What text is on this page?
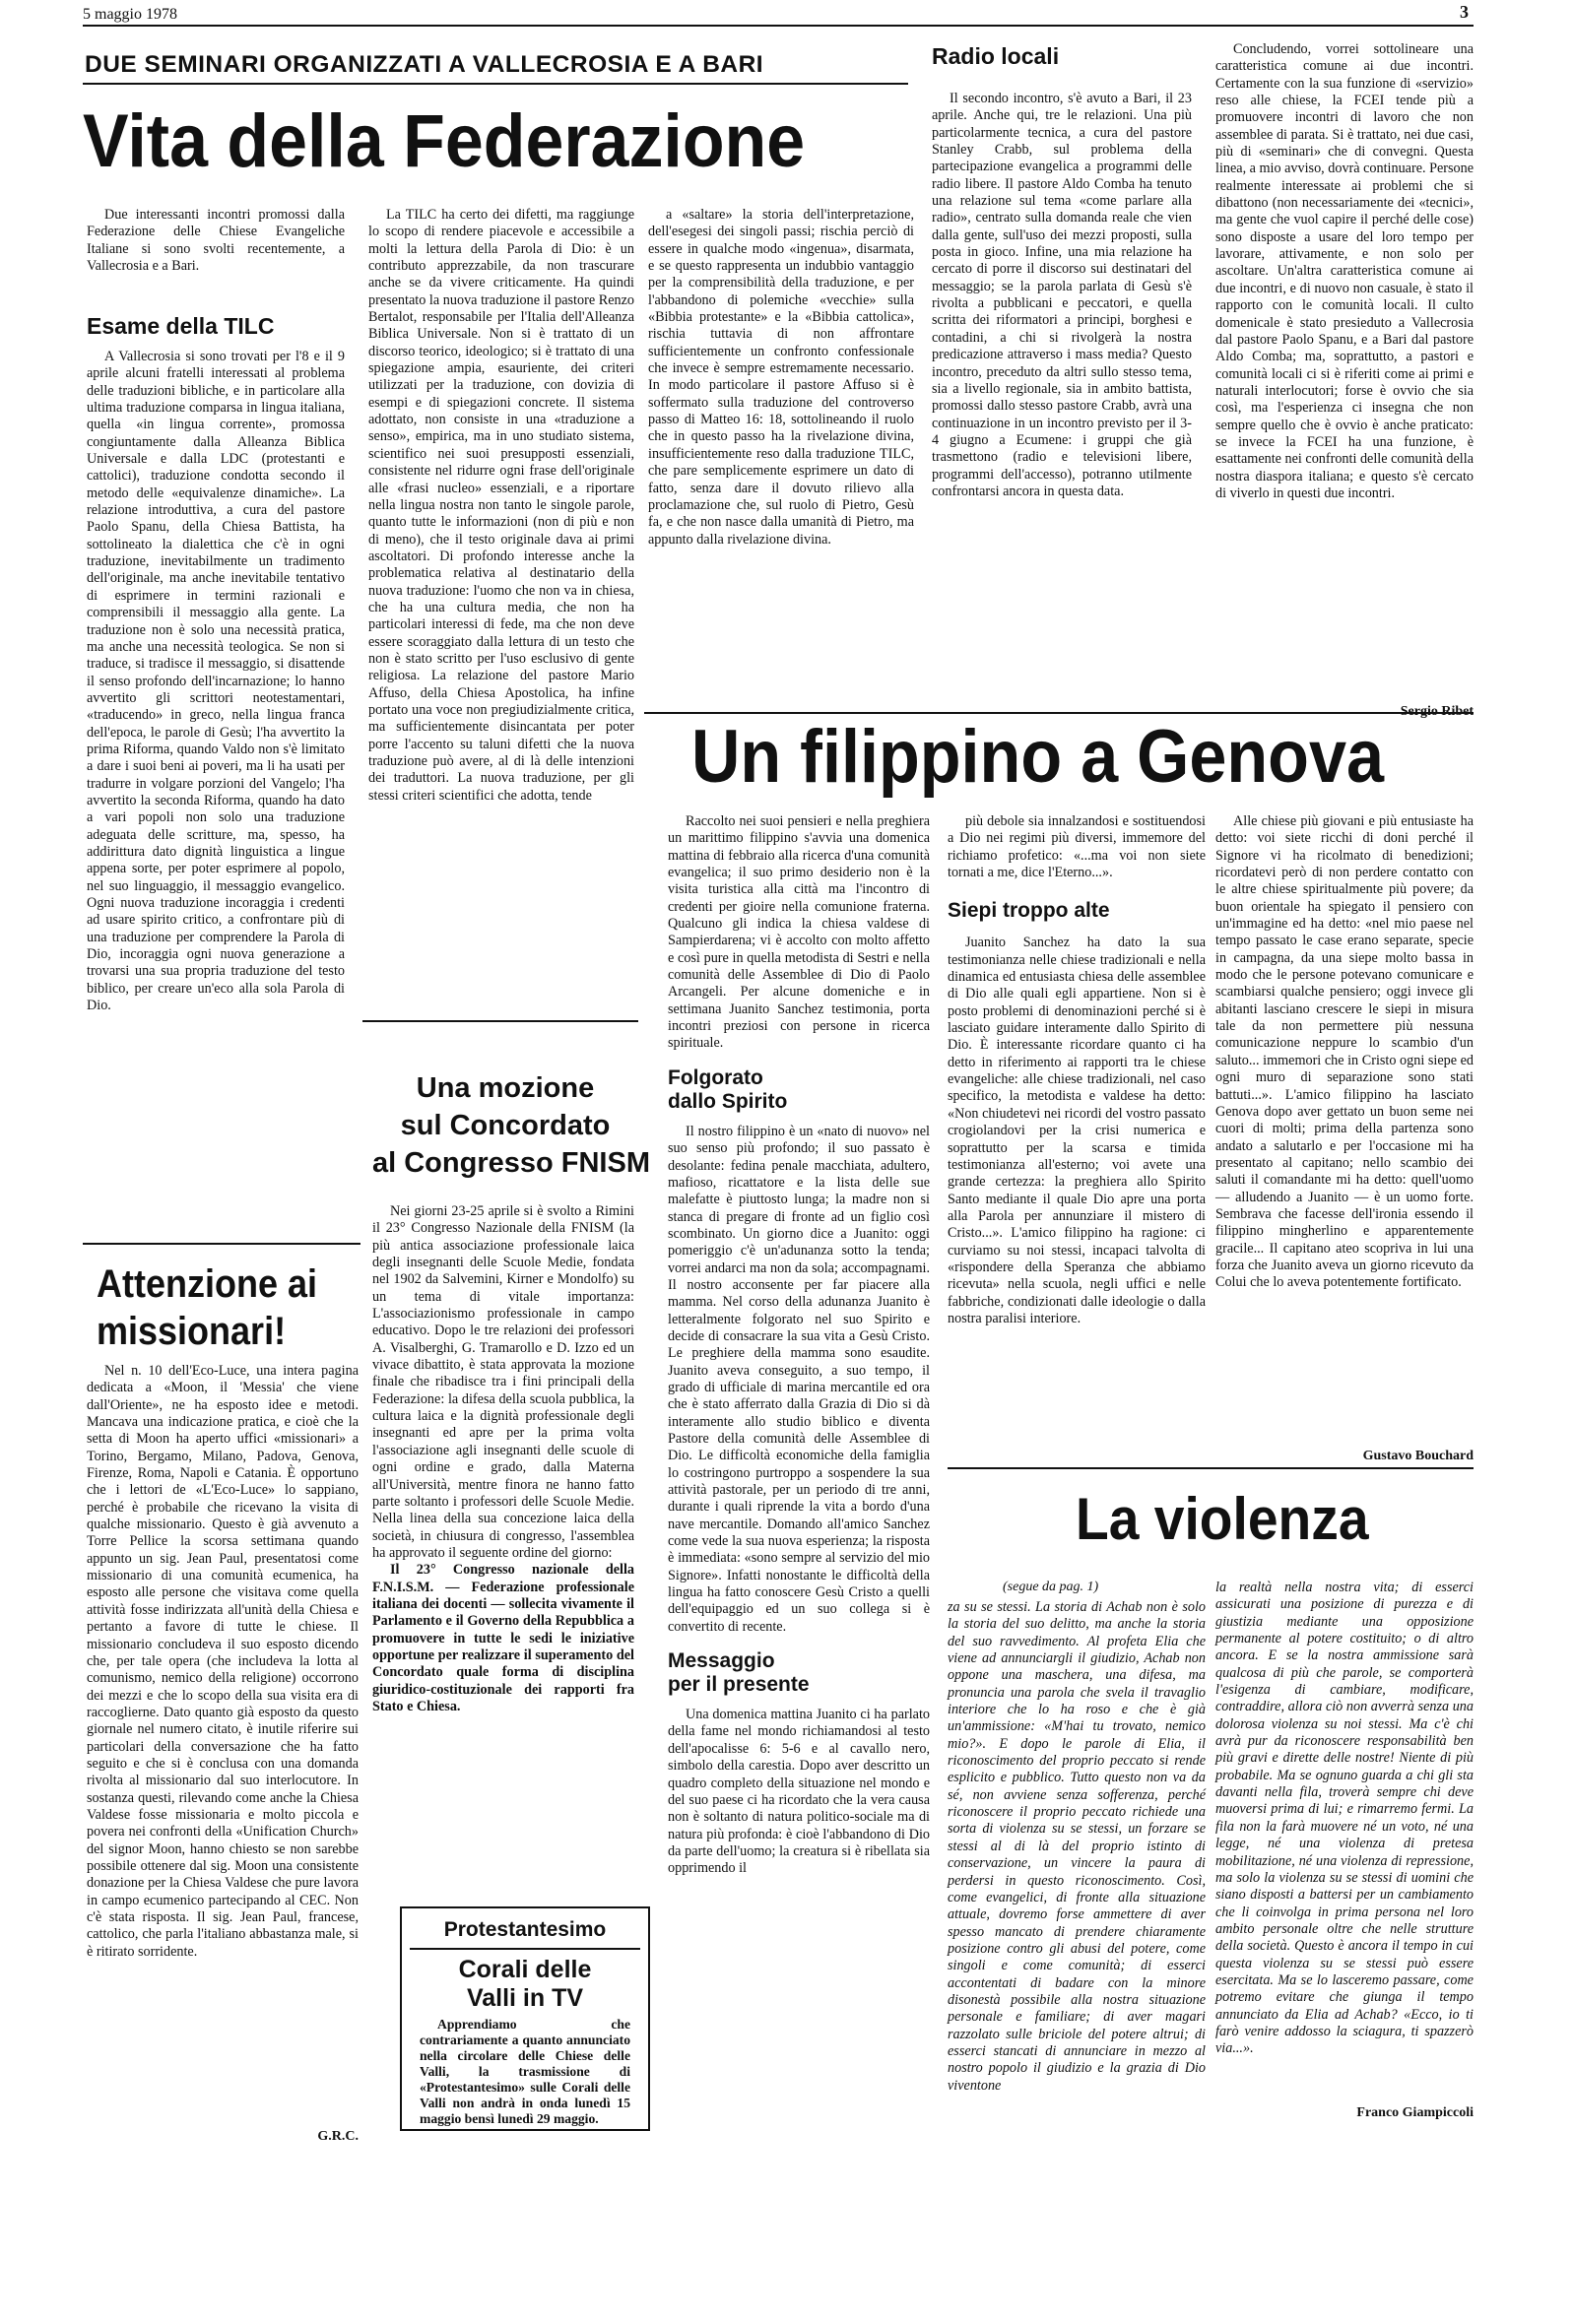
5 maggio 1978	3
DUE SEMINARI ORGANIZZATI A VALLECROSIA E A BARI
Vita della Federazione

Due interessanti incontri promossi dalla Federazione delle Chiese Evangeliche Italiane si sono svolti recentemente, a Vallecrosia e a Bari.

Esame della TILC

A Vallecrosia si sono trovati per l'8 e il 9 aprile alcuni fratelli interessati al problema delle traduzioni bibliche, e in particolare alla ultima traduzione comparsa in lingua italiana, quella «in lingua corrente», promossa congiuntamente dalla Alleanza Biblica Universale e dalla LDC (protestanti e cattolici), traduzione condotta secondo il metodo delle «equivalenze dinamiche». La relazione introduttiva, a cura del pastore Paolo Spanu, della Chiesa Battista, ha sottolineato la dialettica che c'è in ogni traduzione, inevitabilmente un tradimento dell'originale, ma anche inevitabile tentativo di esprimere in termini razionali e comprensibili il messaggio alla gente. La traduzione non è solo una necessità pratica, ma anche una necessità teologica. Se non si traduce, si tradisce il messaggio, si disattende il senso profondo dell'incarnazione; lo hanno avvertito gli scrittori neotestamentari, «traducendo» in greco, nella lingua franca dell'epoca, le parole di Gesù; l'ha avvertito la prima Riforma, quando Valdo non s'è limitato a dare i suoi beni ai poveri, ma li ha usati per tradurre in volgare porzioni del Vangelo; l'ha avvertito la seconda Riforma, quando ha dato a vari popoli non solo una traduzione adeguata delle scritture, ma, spesso, ha addirittura dato dignità linguistica a lingue appena sorte, per poter esprimere al popolo, nel suo linguaggio, il messaggio evangelico. Ogni nuova traduzione incoraggia i credenti ad usare spirito critico, a confrontare più di una traduzione per comprendere la Parola di Dio, incoraggia ogni nuova generazione a trovarsi una sua propria traduzione del testo biblico, per creare un'eco alla sola Parola di Dio.

La TILC ha certo dei difetti, ma raggiunge lo scopo di rendere piacevole e accessibile a molti la lettura della Parola di Dio: è un contributo apprezzabile, da non trascurare anche se da vivere criticamente. Ha quindi presentato la nuova traduzione il pastore Renzo Bertalot, responsabile per l'Italia dell'Alleanza Biblica Universale. Non si è trattato di un discorso teorico, ideologico; si è trattato di una spiegazione ampia, esauriente, dei criteri utilizzati per la traduzione, con dovizia di esempi e di spiegazioni concrete. Il sistema adottato, non consiste in una «traduzione a senso», empirica, ma in uno studiato sistema, scientifico nei suoi presupposti essenziali, consistente nel ridurre ogni frase dell'originale alle «frasi nucleo» essenziali, e a riportare nella lingua nostra non tanto le singole parole, quanto tutte le informazioni (non di più e non di meno), che il testo originale dava ai primi ascoltatori. Di profondo interesse anche la problematica relativa al destinatario della nuova traduzione: l'uomo che non va in chiesa, che ha una cultura media, che non ha particolari interessi di fede, ma che non deve essere scoraggiato dalla lettura di un testo che non è stato scritto per l'uso esclusivo di gente religiosa. La relazione del pastore Mario Affuso, della Chiesa Apostolica, ha infine portato una voce non pregiudizialmente critica, ma sufficientemente disincantata per poter porre l'accento su taluni difetti che la nuova traduzione può avere, al di là delle intenzioni dei traduttori. La nuova traduzione, per gli stessi criteri scientifici che adotta, tende

a «saltare» la storia dell'interpretazione, dell'esegesi dei singoli passi; rischia perciò di essere in qualche modo «ingenua», disarmata, e se questo rappresenta un indubbio vantaggio per la comprensibilità della traduzione, e per l'abbandono di polemiche «vecchie» sulla «Bibbia protestante» e la «Bibbia cattolica», rischia tuttavia di non affrontare sufficientemente un confronto confessionale che invece è sempre estremamente necessario. In modo particolare il pastore Affuso si è soffermato sulla traduzione del controverso passo di Matteo 16: 18, sottolineando il ruolo che in questo passo ha la rivelazione divina, insufficientemente reso dalla traduzione TILC, che pare semplicemente esprimere un dato di fatto, senza dare il dovuto rilievo alla proclamazione che, sul ruolo di Pietro, Gesù fa, e che non nasce dalla umanità di Pietro, ma appunto dalla rivelazione divina.

Radio locali

Il secondo incontro, s'è avuto a Bari, il 23 aprile. Anche qui, tre le relazioni. Una più particolarmente tecnica, a cura del pastore Stanley Crabb, sul problema della partecipazione evangelica a programmi delle radio libere. Il pastore Aldo Comba ha tenuto una relazione sul tema «come parlare alla radio», centrato sulla domanda reale che vien dalla gente, sull'uso dei mezzi proposti, sulla posta in gioco. Infine, una mia relazione ha cercato di porre il discorso sui destinatari del messaggio; se la parola parlata di Gesù s'è rivolta a pubblicani e peccatori, e quella scritta dei riformatori a principi, borghesi e contadini, a chi si rivolgerà la nostra predicazione attraverso i mass media? Questo incontro, preceduto da altri sullo stesso tema, sia a livello regionale, sia in ambito battista, promossi dallo stesso pastore Crabb, avrà una continuazione in un incontro previsto per il 3-4 giugno a Ecumene: i gruppi che già trasmettono (radio e televisioni libere, programmi dell'accesso), potranno utilmente confrontarsi ancora in questa data.

Concludendo, vorrei sottolineare una caratteristica comune ai due incontri. Certamente con la sua funzione di «servizio» reso alle chiese, la FCEI tende più a promuovere incontri di lavoro che non assemblee di parata. Si è trattato, nei due casi, più di «seminari» che di convegni. Questa linea, a mio avviso, dovrà continuare. Persone realmente interessate ai problemi che si dibattono (non necessariamente dei «tecnici», ma gente che vuol capire il perché delle cose) sono disposte a usare del loro tempo per lavorare, attivamente, e non solo per ascoltare. Un'altra caratteristica comune ai due incontri, e di nuovo non casuale, è stato il rapporto con le comunità locali. Il culto domenicale è stato presieduto a Vallecrosia dal pastore Paolo Spanu, e a Bari dal pastore Aldo Comba; ma, soprattutto, a pastori e comunità locali ci si è riferiti come ai primi e naturali interlocutori; forse è ovvio che sia così, ma l'esperienza ci insegna che non sempre quello che è ovvio è anche praticato: se invece la FCEI ha una funzione, è esattamente nei confronti delle comunità della nostra diaspora italiana; e questo s'è cercato di viverlo in questi due incontri.

Attenzione ai missionari!

Nel n. 10 dell'Eco-Luce, una intera pagina dedicata a «Moon, il 'Messia' che viene dall'Oriente», ne ha esposto idee e metodi. Mancava una indicazione pratica, e cioè che la setta di Moon ha aperto uffici «missionari» a Torino, Bergamo, Milano, Padova, Genova, Firenze, Roma, Napoli e Catania. È opportuno che i lettori de «L'Eco-Luce» lo sappiano, perché è probabile che ricevano la visita di qualche missionario. Questo è già avvenuto a Torre Pellice la scorsa settimana quando appunto un sig. Jean Paul, presentatosi come missionario di una comunità ecumenica, ha esposto alle persone che visitava come quella attività fosse indirizzata all'unità della Chiesa e pertanto a favore di tutte le chiese. Il missionario concludeva il suo esposto dicendo che, per tale opera (che includeva la lotta al comunismo, nemico della religione) occorrono dei mezzi e che lo scopo della sua visita era di raccoglierne. Dato quanto già esposto da questo giornale nel numero citato, è inutile riferire sui particolari della conversazione che ha fatto seguito e che si è conclusa con una domanda rivolta al missionario dal suo interlocutore. In sostanza questi, rilevando come anche la Chiesa Valdese fosse missionaria e molto piccola e povera nei confronti della «Unification Church» del signor Moon, hanno chiesto se non sarebbe possibile ottenere dal sig. Moon una consistente donazione per la Chiesa Valdese che pure lavora in campo ecumenico partecipando al CEC. Non c'è stata risposta. Il sig. Jean Paul, francese, cattolico, che parla l'italiano abbastanza male, si è ritirato sorridente.

G.R.C.
Una mozione
sul Concordato
al Congresso FNISM

Nei giorni 23-25 aprile si è svolto a Rimini il 23° Congresso Nazionale della FNISM (la più antica associazione professionale laica degli insegnanti delle Scuole Medie, fondata nel 1902 da Salvemini, Kirner e Mondolfo) su un tema di vitale importanza: L'associazionismo professionale in campo educativo. Dopo le tre relazioni dei professori A. Visalberghi, G. Tramarollo e D. Izzo ed un vivace dibattito, è stata approvata la mozione finale che ribadisce tra i fini principali della Federazione: la difesa della scuola pubblica, la cultura laica e la dignità professionale degli insegnanti ed apre per la prima volta l'associazione agli insegnanti delle scuole di ogni ordine e grado, dalla Materna all'Università, mentre finora ne hanno fatto parte soltanto i professori delle Scuole Medie. Nella linea della sua concezione laica della società, in chiusura di congresso, l'assemblea ha approvato il seguente ordine del giorno:

Il 23° Congresso nazionale della F.N.I.S.M. — Federazione professionale italiana dei docenti — sollecita vivamente il Parlamento e il Governo della Repubblica a promuovere in tutte le sedi le iniziative opportune per realizzare il superamento del Concordato quale forma di disciplina giuridico-costituzionale dei rapporti fra Stato e Chiesa.

Protestantesimo
Corali delle
Valli in TV

Apprendiamo che contrariamente a quanto annunciato nella circolare delle Chiese delle Valli, la trasmissione di «Protestantesimo» sulle Corali delle Valli non andrà in onda lunedì 15 maggio bensì lunedì 29 maggio.

Un filippino a Genova

Raccolto nei suoi pensieri e nella preghiera un marittimo filippino s'avvia una domenica mattina di febbraio alla ricerca d'una comunità evangelica; il suo primo desiderio non è la visita turistica alla città ma l'incontro di credenti per gioire nella comunione fraterna. Qualcuno gli indica la chiesa valdese di Sampierdarena; vi è accolto con molto affetto e così pure in quella metodista di Sestri e nella comunità delle Assemblee di Dio di Paolo Arcangeli. Per alcune domeniche e in settimana Juanito Sanchez testimonia, porta incontri preziosi con persone in ricerca spirituale.

Folgorato
dallo Spirito

Il nostro filippino è un «nato di nuovo» nel suo senso più profondo; il suo passato è desolante: fedina penale macchiata, adultero, mafioso, ricattatore e la lista delle sue malefatte è piuttosto lunga; la madre non si stanca di pregare di fronte ad un figlio così scombinato. Un giorno dice a Juanito: oggi pomeriggio c'è un'adunanza sotto la tenda; vorrei andarci ma non da sola; accompagnami. Il nostro acconsente per far piacere alla mamma. Nel corso della adunanza Juanito è letteralmente folgorato nel suo Spirito e decide di consacrare la sua vita a Gesù Cristo. Le preghiere della mamma sono esaudite. Juanito aveva conseguito, a suo tempo, il grado di ufficiale di marina mercantile ed ora che è stato afferrato dalla Grazia di Dio si dà interamente allo studio biblico e diventa Pastore della comunità delle Assemblee di Dio. Le difficoltà economiche della famiglia lo costringono purtroppo a sospendere la sua attività pastorale, per un periodo di tre anni, durante i quali riprende la vita a bordo d'una nave mercantile. Domando all'amico Sanchez come vede la sua nuova esperienza; la risposta è immediata: «sono sempre al servizio del mio Signore». Infatti nonostante le difficoltà della lingua ha fatto conoscere Gesù Cristo a quelli dell'equipaggio ed un suo collega si è convertito di recente.

Messaggio
per il presente

Una domenica mattina Juanito ci ha parlato della fame nel mondo richiamandosi al testo dell'apocalisse 6: 5-6 e al cavallo nero, simbolo della carestia. Dopo aver descritto un quadro completo della situazione nel mondo e del suo paese ci ha ricordato che la vera causa non è soltanto di natura politico-sociale ma di natura più profonda: è cioè l'abbandono di Dio da parte dell'uomo; la creatura si è ribellata sia opprimendo il

più debole sia innalzandosi e sostituendosi a Dio nei regimi più diversi, immemore del richiamo profetico: «...ma voi non siete tornati a me, dice l'Eterno...».

Siepi troppo alte

Juanito Sanchez ha dato la sua testimonianza nelle chiese tradizionali e nella dinamica ed entusiasta chiesa delle assemblee di Dio alle quali egli appartiene. Non si è posto problemi di denominazioni perché si è lasciato guidare interamente dallo Spirito di Dio. È interessante ricordare quanto ci ha detto in riferimento ai rapporti tra le chiese evangeliche: alle chiese tradizionali, nel caso specifico, la metodista e valdese ha detto: «Non chiudetevi nei ricordi del vostro passato crogiolandovi per la crisi numerica e soprattutto per la scarsa e timida testimonianza all'esterno; voi avete una grande certezza: la preghiera allo Spirito Santo mediante il quale Dio apre una porta alla Parola per annunziare il mistero di Cristo...». L'amico filippino ha ragione: ci curviamo su noi stessi, incapaci talvolta di «rispondere della Speranza che abbiamo ricevuta» nella scuola, negli uffici e nelle fabbriche, condizionati dalle ideologie o dalla nostra paralisi interiore.

Alle chiese più giovani e più entusiaste ha detto: voi siete ricchi di doni perché il Signore vi ha ricolmato di benedizioni; ricordatevi però di non perdere contatto con le altre chiese spiritualmente più povere; da buon orientale ha spiegato il pensiero con un'immagine ed ha detto: «nel mio paese nel tempo passato le case erano separate, specie in campagna, da una siepe molto bassa in modo che le persone potevano comunicare e scambiarsi qualche pensiero; oggi invece gli abitanti lasciano crescere le siepi in misura tale da non permettere più nessuna comunicazione neppure lo scambio d'un saluto... immemori che in Cristo ogni siepe ed ogni muro di separazione sono stati battuti...». L'amico filippino ha lasciato Genova dopo aver gettato un buon seme nei cuori di molti; prima della partenza sono andato a salutarlo e per l'occasione mi ha presentato al capitano; nello scambio dei saluti il comandante mi ha detto: quell'uomo — alludendo a Juanito — è un uomo forte. Sembrava che facesse dell'ironia essendo il filippino mingherlino e apparentemente gracile... Il capitano ateo scopriva in lui una forza che Juanito aveva un giorno ricevuto da Colui che lo aveva potentemente fortificato.

Gustavo Bouchard
La violenza
(segue da pag. 1)

za su se stessi. La storia di Achab non è solo la storia del suo delitto, ma anche la storia del suo ravvedimento. Al profeta Elia che viene ad annunciargli il giudizio, Achab non oppone una maschera, una difesa, ma pronuncia una parola che svela il travaglio interiore che lo ha roso e che è già un'ammissione: «M'hai tu trovato, nemico mio?». E dopo le parole di Elia, il riconoscimento del proprio peccato si rende esplicito e pubblico. Tutto questo non va da sé, non avviene senza sofferenza, perché riconoscere il proprio peccato richiede una sorta di violenza su se stessi, un forzare se stessi al di là del proprio istinto di conservazione, un vincere la paura di perdersi in questo riconoscimento. Così, come evangelici, di fronte alla situazione attuale, dovremo forse ammettere di aver spesso mancato di prendere chiaramente posizione contro gli abusi del potere, come singoli e come comunità; di esserci accontentati di badare con la minore disonestà possibile alla nostra situazione personale e familiare; di aver magari razzolato sulle briciole del potere altrui; di esserci stancati di annunciare in mezzo al nostro popolo il giudizio e la grazia di Dio viventone

la realtà nella nostra vita; di esserci assicurati una posizione di purezza e di giustizia mediante una opposizione permanente al potere costituito; o di altro ancora. E se la nostra ammissione sarà qualcosa di più che parole, se comporterà l'esigenza di cambiare, modificare, contraddire, allora ciò non avverrà senza una dolorosa violenza su noi stessi. Ma c'è chi avrà pur da riconoscere responsabilità ben più gravi e dirette delle nostre! Niente di più probabile. Ma se ognuno guarda a chi gli sta davanti nella fila, troverà sempre chi deve muoversi prima di lui; e rimarremo fermi. La fila non la farà muovere né un voto, né una legge, né una violenza di pretesa mobilitazione, né una violenza di repressione, ma solo la violenza su se stessi di uomini che siano disposti a battersi per un cambiamento che li coinvolga in prima persona nel loro ambito personale oltre che nelle strutture della società. Questo è ancora il tempo in cui questa violenza su se stessi può essere esercitata. Ma se lo lasceremo passare, come potremo evitare che giunga il tempo annunciato da Elia ad Achab? «Ecco, io ti farò venire addosso la sciagura, ti spazzerò via...».

Franco Giampiccoli
